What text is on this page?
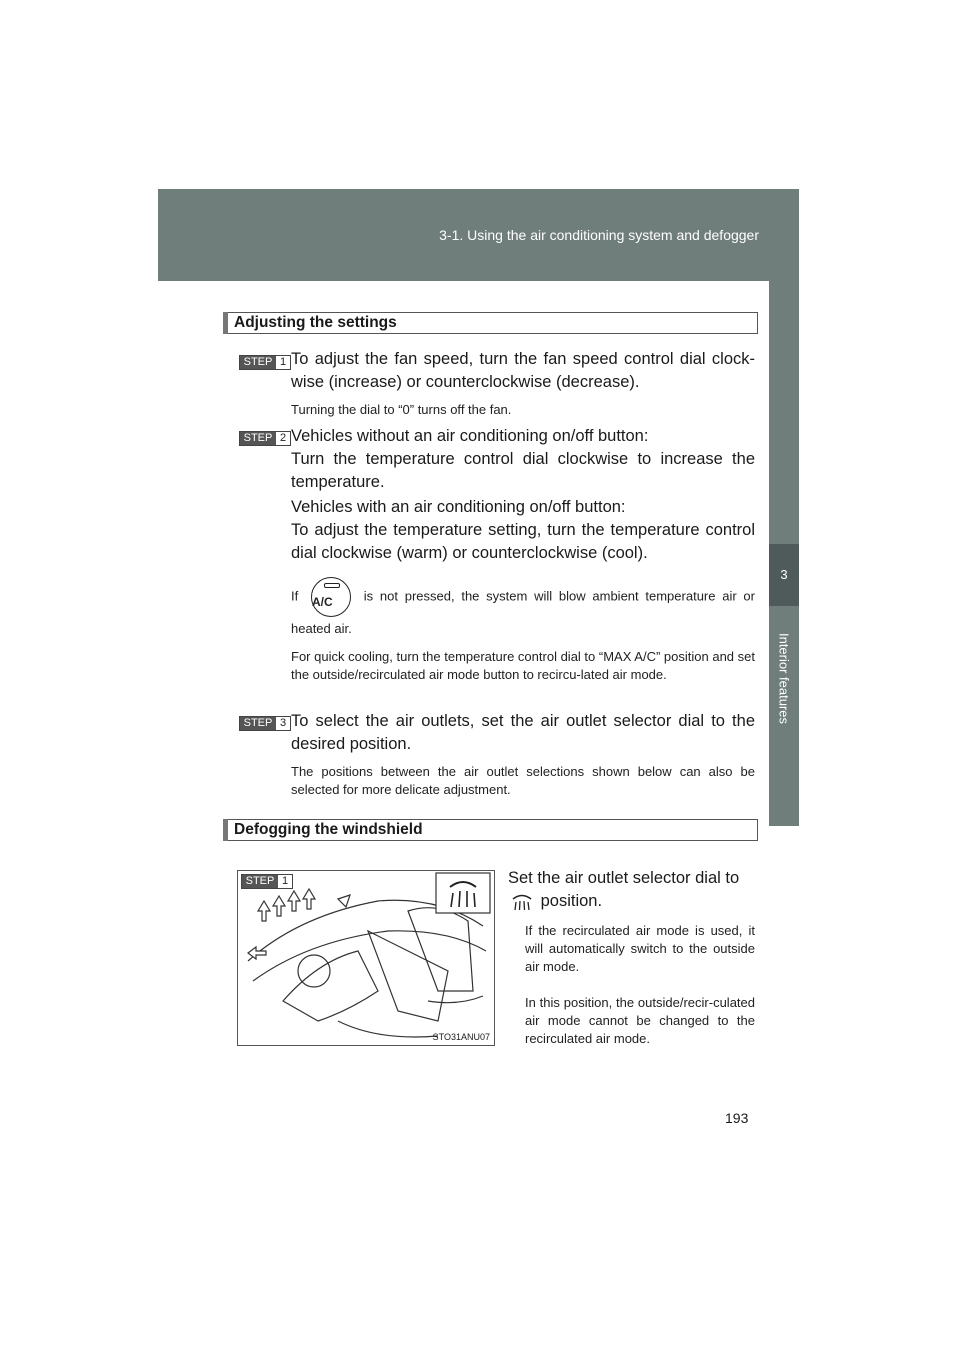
3-1. Using the air conditioning system and defogger
3
Interior features
Adjusting the settings
STEP 1 To adjust the fan speed, turn the fan speed control dial clock-wise (increase) or counterclockwise (decrease).
Turning the dial to “0” turns off the fan.
STEP 2 Vehicles without an air conditioning on/off button:
Turn the temperature control dial clockwise to increase the temperature.
Vehicles with an air conditioning on/off button:
To adjust the temperature setting, turn the temperature control dial clockwise (warm) or counterclockwise (cool).
If A/C	is not pressed, the system will blow ambient temperature air or heated air.
For quick cooling, turn the temperature control dial to “MAX A/C” position and set the outside/recirculated air mode button to recircu-lated air mode.
STEP 3 To select the air outlets, set the air outlet selector dial to the desired position.
The positions between the air outlet selections shown below can also be selected for more delicate adjustment.
Defogging the windshield
STEP 1
STO31ANU07
Set the air outlet selector dial to
position.
If the recirculated air mode is used, it will automatically switch to the outside air mode.
In this position, the outside/recir-culated air mode cannot be changed to the recirculated air mode.
193
